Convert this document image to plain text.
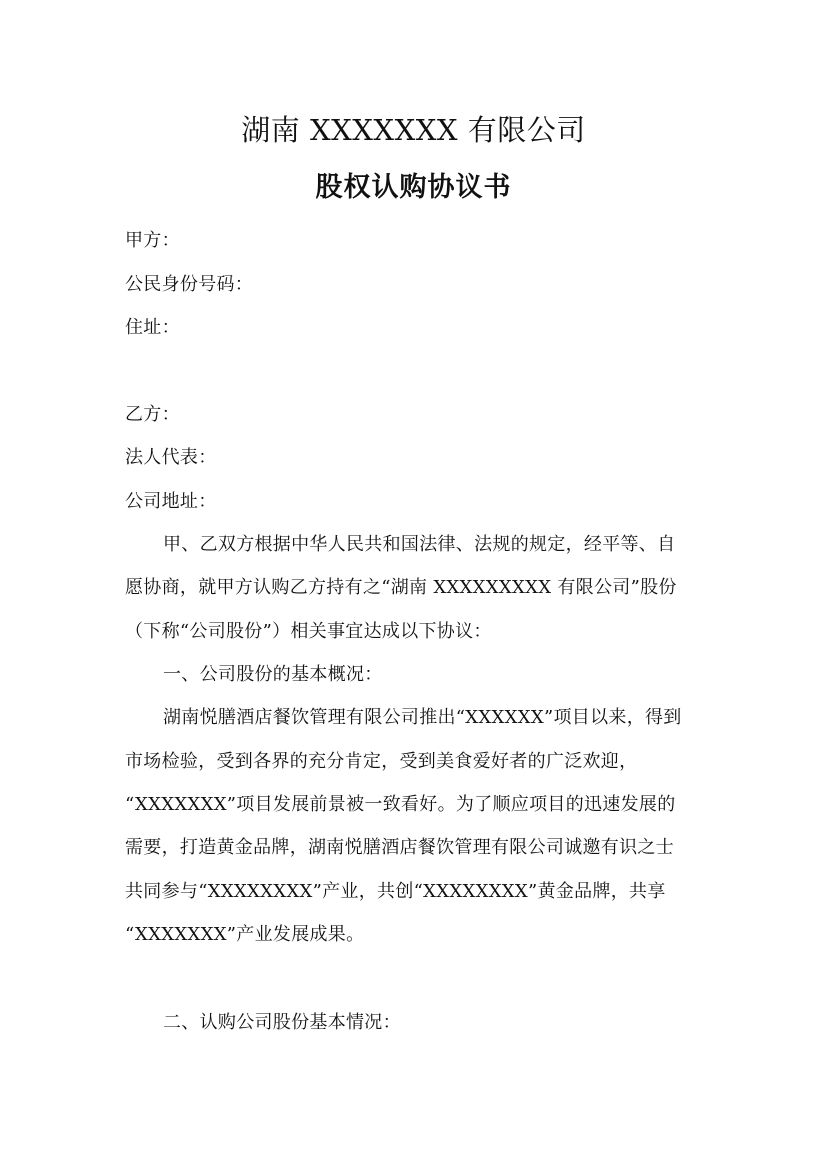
湖南 XXXXXXX 有限公司
股权认购协议书
甲方：
公民身份号码：
住址：
乙方：
法人代表：
公司地址：
甲、乙双方根据中华人民共和国法律、法规的规定，经平等、自
愿协商，就甲方认购乙方持有之“湖南 XXXXXXXXX 有限公司”股份
（下称“公司股份”）相关事宜达成以下协议：
一、公司股份的基本概况：
湖南悦膳酒店餐饮管理有限公司推出“XXXXXX”项目以来，得到
市场检验，受到各界的充分肯定，受到美食爱好者的广泛欢迎，
“XXXXXXX”项目发展前景被一致看好。为了顺应项目的迅速发展的
需要，打造黄金品牌，湖南悦膳酒店餐饮管理有限公司诚邀有识之士
共同参与“XXXXXXXX”产业，共创“XXXXXXXX”黄金品牌，共享
“XXXXXXX”产业发展成果。
二、认购公司股份基本情况：
